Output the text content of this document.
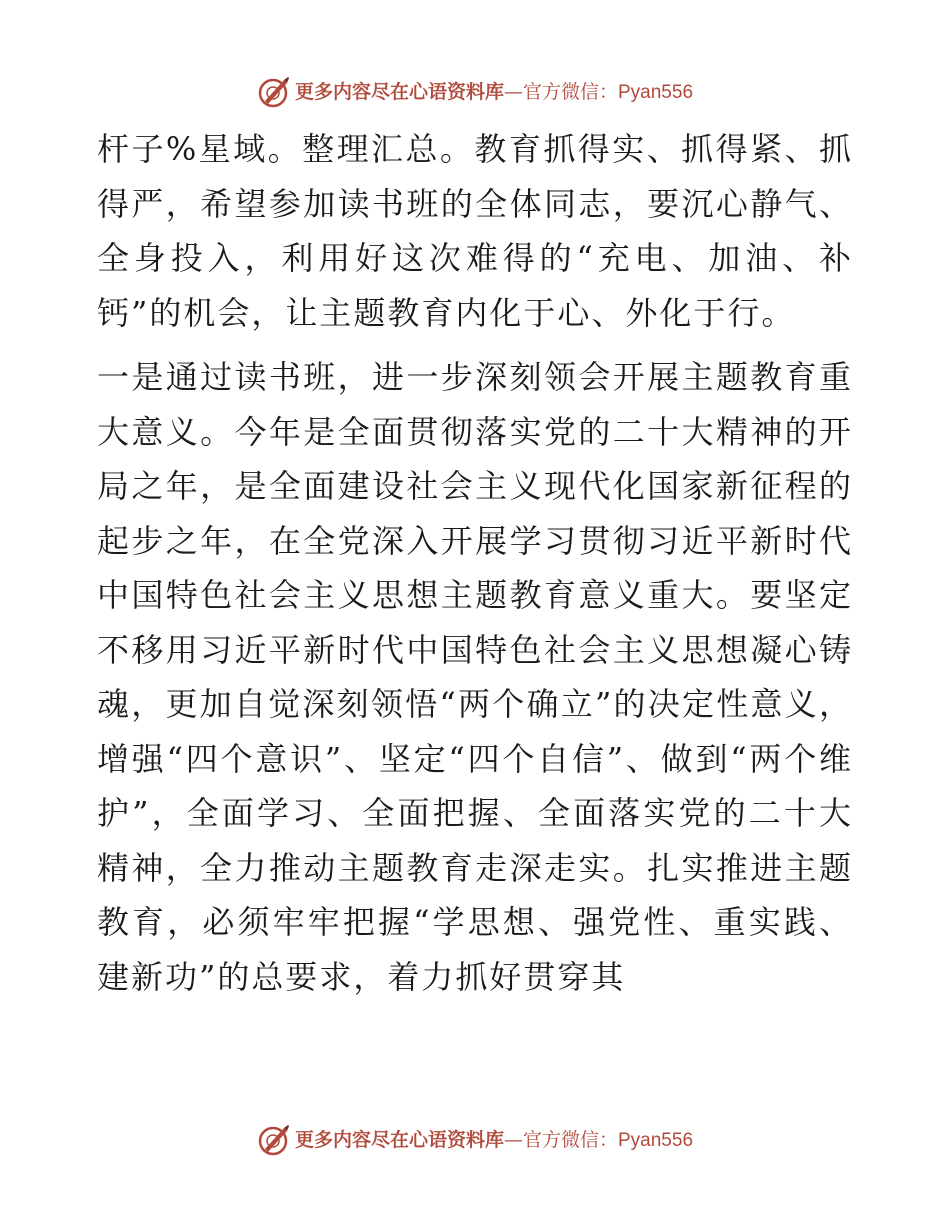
更多内容尽在心语资料库—官方微信：Pyan556

杆子%星域。整理汇总。教育抓得实、抓得紧、抓得严，希望参加读书班的全体同志，要沉心静气、全身投入，利用好这次难得的“充电、加油、补钙”的机会，让主题教育内化于心、外化于行。

一是通过读书班，进一步深刻领会开展主题教育重大意义。今年是全面贯彻落实党的二十大精神的开局之年，是全面建设社会主义现代化国家新征程的起步之年，在全党深入开展学习贯彻习近平新时代中国特色社会主义思想主题教育意义重大。要坚定不移用习近平新时代中国特色社会主义思想凝心铸魂，更加自觉深刻领悟“两个确立”的决定性意义，增强“四个意识”、坚定“四个自信”、做到“两个维护”，全面学习、全面把握、全面落实党的二十大精神，全力推动主题教育走深走实。扎实推进主题教育，必须牢牢把握“学思想、强党性、重实践、建新功”的总要求，着力抓好贯穿其

更多内容尽在心语资料库—官方微信：Pyan556
